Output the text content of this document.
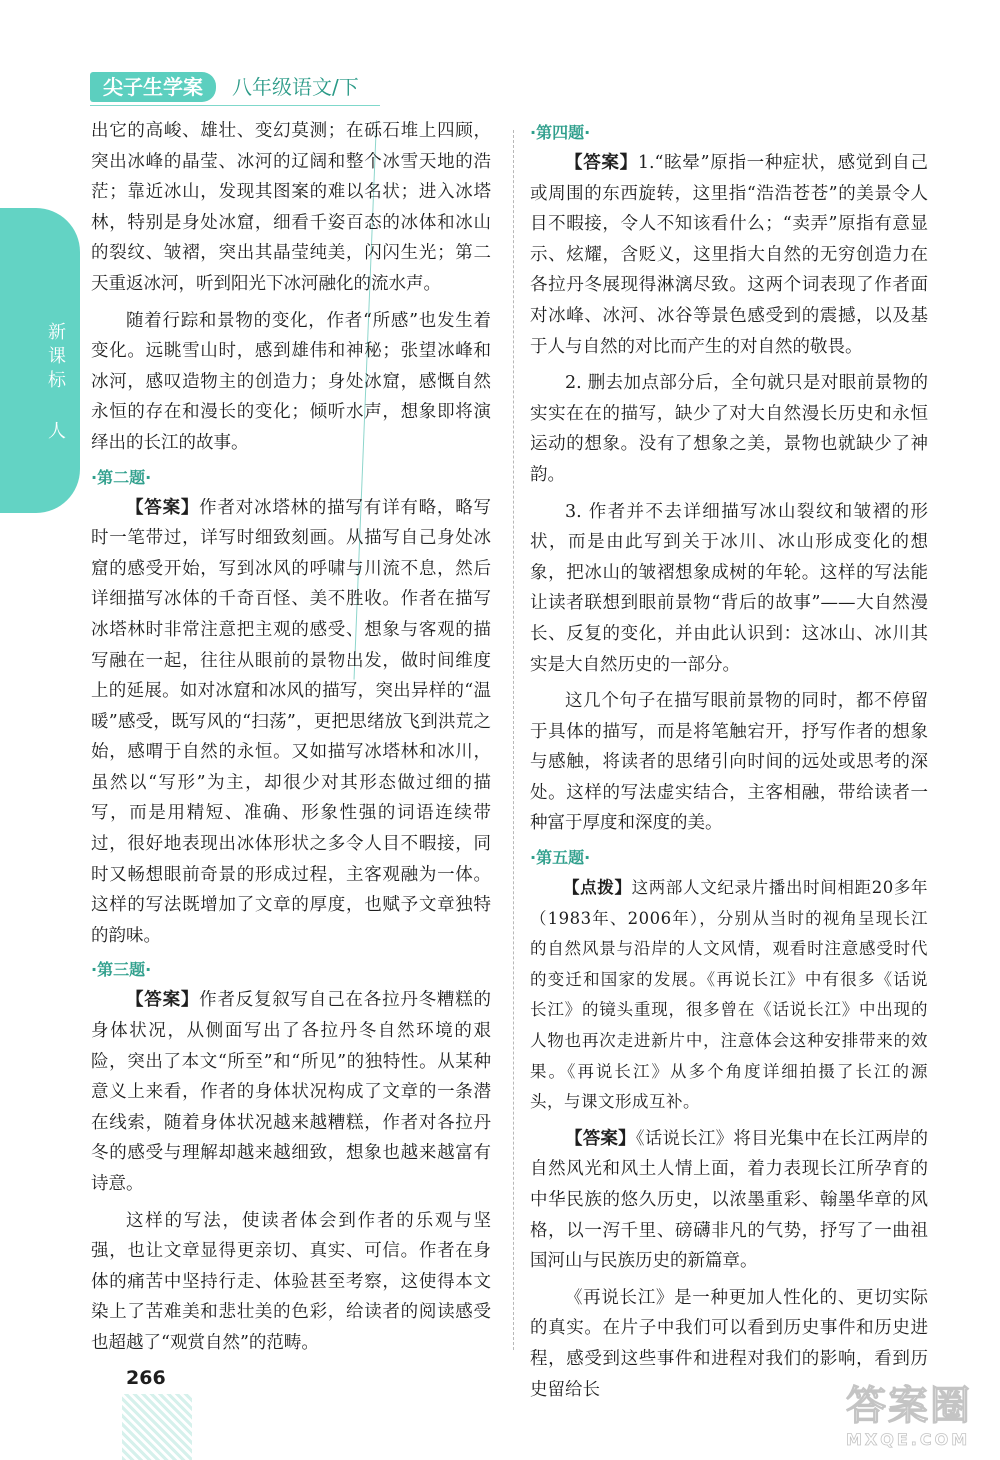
尖子生学案	八年级语文/下
新课标 人

出它的高峻、雄壮、变幻莫测；在砾石堆上四顾，突出冰峰的晶莹、冰河的辽阔和整个冰雪天地的浩茫；靠近冰山，发现其图案的难以名状；进入冰塔林，特别是身处冰窟，细看千姿百态的冰体和冰山的裂纹、皱褶，突出其晶莹纯美，闪闪生光；第二天重返冰河，听到阳光下冰河融化的流水声。

随着行踪和景物的变化，作者“所感”也发生着变化。远眺雪山时，感到雄伟和神秘；张望冰峰和冰河，感叹造物主的创造力；身处冰窟，感慨自然永恒的存在和漫长的变化；倾听水声，想象即将演绎出的长江的故事。

·第二题·

【答案】作者对冰塔林的描写有详有略，略写时一笔带过，详写时细致刻画。从描写自己身处冰窟的感受开始，写到冰风的呼啸与川流不息，然后详细描写冰体的千奇百怪、美不胜收。作者在描写冰塔林时非常注意把主观的感受、想象与客观的描写融在一起，往往从眼前的景物出发，做时间维度上的延展。如对冰窟和冰风的描写，突出异样的“温暖”感受，既写风的“扫荡”，更把思绪放飞到洪荒之始，感喟于自然的永恒。又如描写冰塔林和冰川，虽然以“写形”为主，却很少对其形态做过细的描写，而是用精短、准确、形象性强的词语连续带过，很好地表现出冰体形状之多令人目不暇接，同时又畅想眼前奇景的形成过程，主客观融为一体。这样的写法既增加了文章的厚度，也赋予文章独特的韵味。

·第三题·

【答案】作者反复叙写自己在各拉丹冬糟糕的身体状况，从侧面写出了各拉丹冬自然环境的艰险，突出了本文“所至”和“所见”的独特性。从某种意义上来看，作者的身体状况构成了文章的一条潜在线索，随着身体状况越来越糟糕，作者对各拉丹冬的感受与理解却越来越细致，想象也越来越富有诗意。

这样的写法，使读者体会到作者的乐观与坚强，也让文章显得更亲切、真实、可信。作者在身体的痛苦中坚持行走、体验甚至考察，这使得本文染上了苦难美和悲壮美的色彩，给读者的阅读感受也超越了“观赏自然”的范畴。

·第四题·

【答案】1.“眩晕”原指一种症状，感觉到自己或周围的东西旋转，这里指“浩浩苍苍”的美景令人目不暇接，令人不知该看什么；“卖弄”原指有意显示、炫耀，含贬义，这里指大自然的无穷创造力在各拉丹冬展现得淋漓尽致。这两个词表现了作者面对冰峰、冰河、冰谷等景色感受到的震撼，以及基于人与自然的对比而产生的对自然的敬畏。

2. 删去加点部分后，全句就只是对眼前景物的实实在在的描写，缺少了对大自然漫长历史和永恒运动的想象。没有了想象之美，景物也就缺少了神韵。

3. 作者并不去详细描写冰山裂纹和皱褶的形状，而是由此写到关于冰川、冰山形成变化的想象，把冰山的皱褶想象成树的年轮。这样的写法能让读者联想到眼前景物“背后的故事”——大自然漫长、反复的变化，并由此认识到：这冰山、冰川其实是大自然历史的一部分。

这几个句子在描写眼前景物的同时，都不停留于具体的描写，而是将笔触宕开，抒写作者的想象与感触，将读者的思绪引向时间的远处或思考的深处。这样的写法虚实结合，主客相融，带给读者一种富于厚度和深度的美。

·第五题·

【点拨】这两部人文纪录片播出时间相距20多年（1983年、2006年），分别从当时的视角呈现长江的自然风景与沿岸的人文风情，观看时注意感受时代的变迁和国家的发展。《再说长江》中有很多《话说长江》的镜头重现，很多曾在《话说长江》中出现的人物也再次走进新片中，注意体会这种安排带来的效果。《再说长江》从多个角度详细拍摄了长江的源头，与课文形成互补。

【答案】《话说长江》将目光集中在长江两岸的自然风光和风土人情上面，着力表现长江所孕育的中华民族的悠久历史，以浓墨重彩、翰墨华章的风格，以一泻千里、磅礴非凡的气势，抒写了一曲祖国河山与民族历史的新篇章。

《再说长江》是一种更加人性化的、更切实际的真实。在片子中我们可以看到历史事件和历史进程，感受到这些事件和进程对我们的影响，看到历史留给长

266
答案圈
MXQE.COM
